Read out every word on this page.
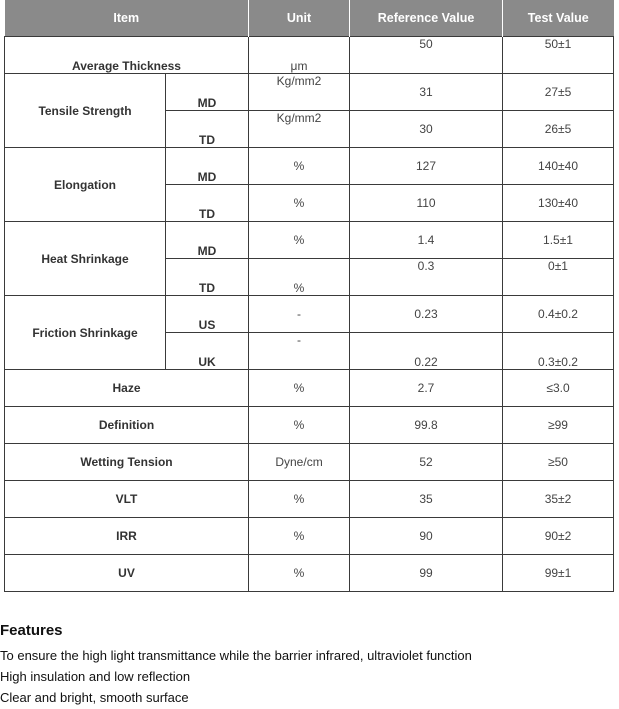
Item		Unit	Reference Value	Test Value
Average Thickness		μm	50	50±1
Tensile Strength	MD	Kg/mm2	31	27±5
	TD	Kg/mm2	30	26±5
Elongation	MD	%	127	140±40
	TD	%	110	130±40
Heat Shrinkage	MD	%	1.4	1.5±1
	TD	%	0.3	0±1
Friction Shrinkage	US	-	0.23	0.4±0.2
	UK	-	0.22	0.3±0.2
Haze		%	2.7	≤3.0
Definition		%	99.8	≥99
Wetting Tension		Dyne/cm	52	≥50
VLT		%	35	35±2
IRR		%	90	90±2
UV		%	99	99±1
Features
To ensure the high light transmittance while the barrier infrared, ultraviolet function
High insulation and low reflection
Clear and bright, smooth surface
